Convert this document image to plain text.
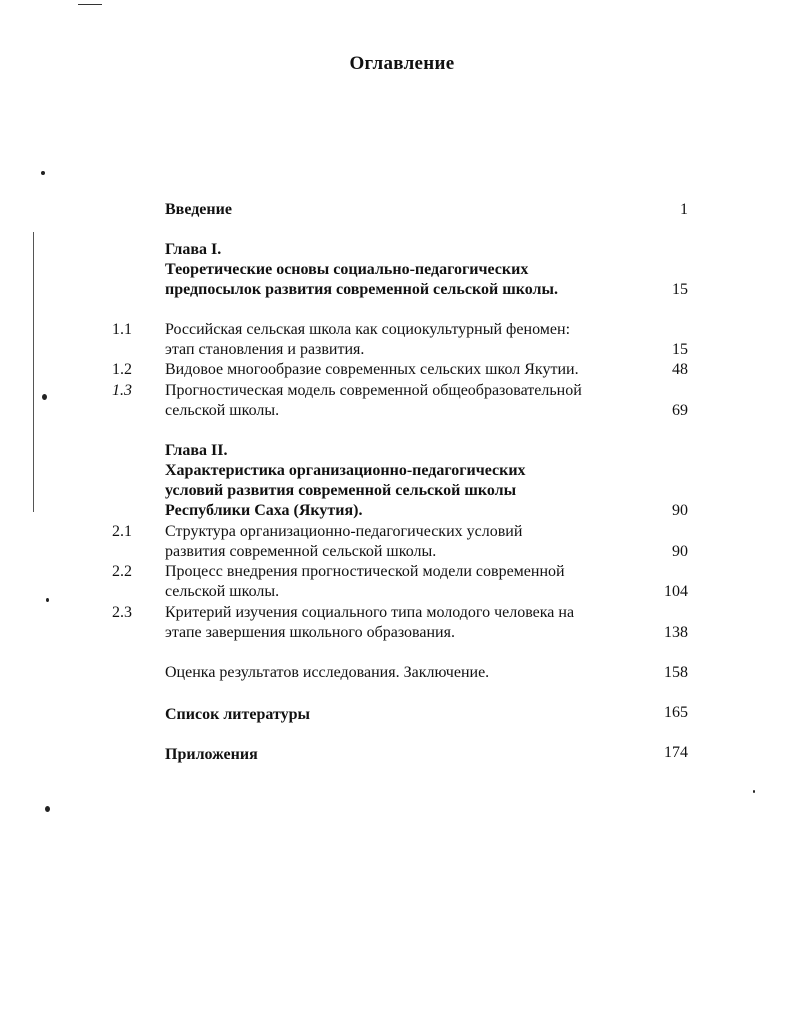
Оглавление
Введение	1
Глава I.
Теоретические основы социально-педагогических
предпосылок развития современной сельской школы.	15
1.1	Российская сельская школа как социокультурный феномен:
этап становления и развития.	15
1.2	Видовое многообразие современных сельских школ Якутии.	48
1.3	Прогностическая модель современной общеобразовательной
сельской школы.	69
Глава II.
Характеристика организационно-педагогических
условий развития современной сельской школы
Республики Саха (Якутия).	90
2.1	Структура организационно-педагогических условий
развития современной сельской школы.	90
2.2	Процесс внедрения прогностической модели современной
сельской школы.	104
2.3	Критерий изучения социального типа молодого человека на
этапе завершения школьного образования.	138
Оценка результатов исследования. Заключение.	158
Список литературы	165
Приложения	174
